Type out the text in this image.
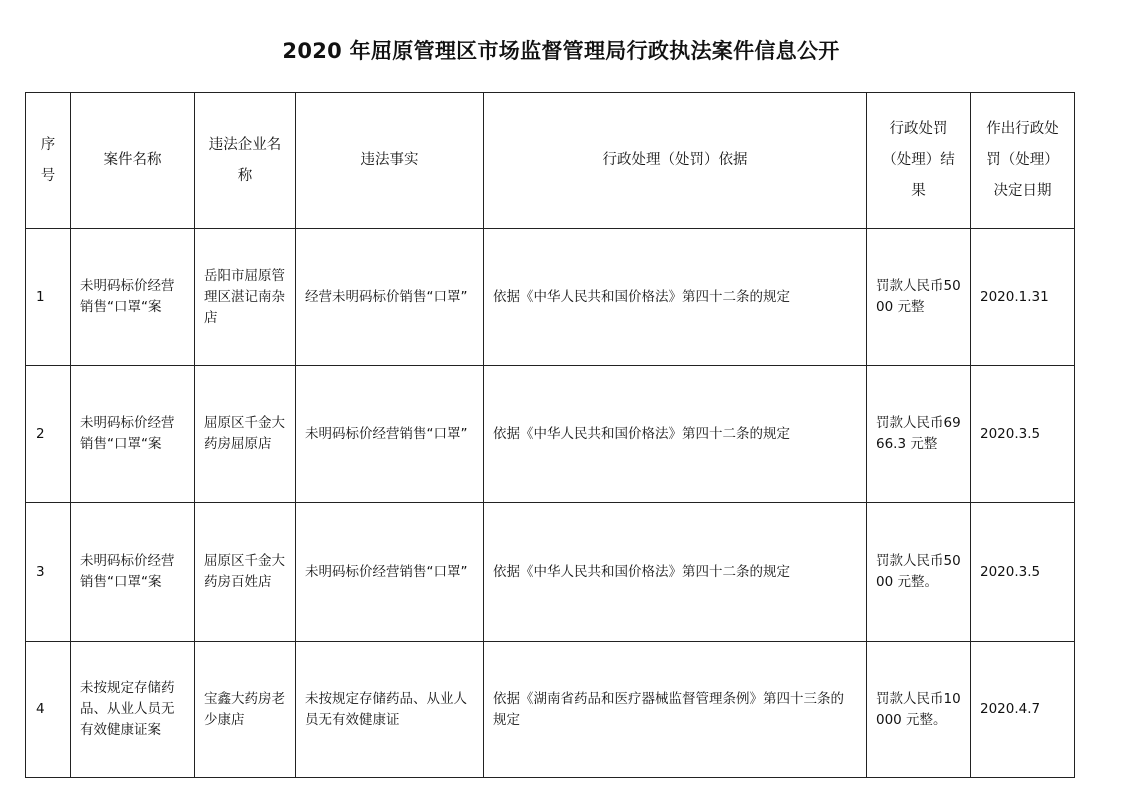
2020 年屈原管理区市场监督管理局行政执法案件信息公开
序号	案件名称	违法企业名称	违法事实	行政处理（处罚）依据	行政处罚（处理）结果	作出行政处罚（处理）决定日期
1	未明码标价经营销售“口罩“案	岳阳市屈原管理区湛记南杂店	经营未明码标价销售“口罩”	依据《中华人民共和国价格法》第四十二条的规定	罚款人民币5000 元整	2020.1.31
2	未明码标价经营销售“口罩“案	屈原区千金大药房屈原店	未明码标价经营销售“口罩”	依据《中华人民共和国价格法》第四十二条的规定	罚款人民币6966.3 元整	2020.3.5
3	未明码标价经营销售“口罩“案	屈原区千金大药房百姓店	未明码标价经营销售“口罩”	依据《中华人民共和国价格法》第四十二条的规定	罚款人民币5000 元整。	2020.3.5
4	未按规定存储药品、从业人员无有效健康证案	宝鑫大药房老少康店	未按规定存储药品、从业人员无有效健康证	依据《湖南省药品和医疗器械监督管理条例》第四十三条的规定	罚款人民币10000 元整。	2020.4.7
